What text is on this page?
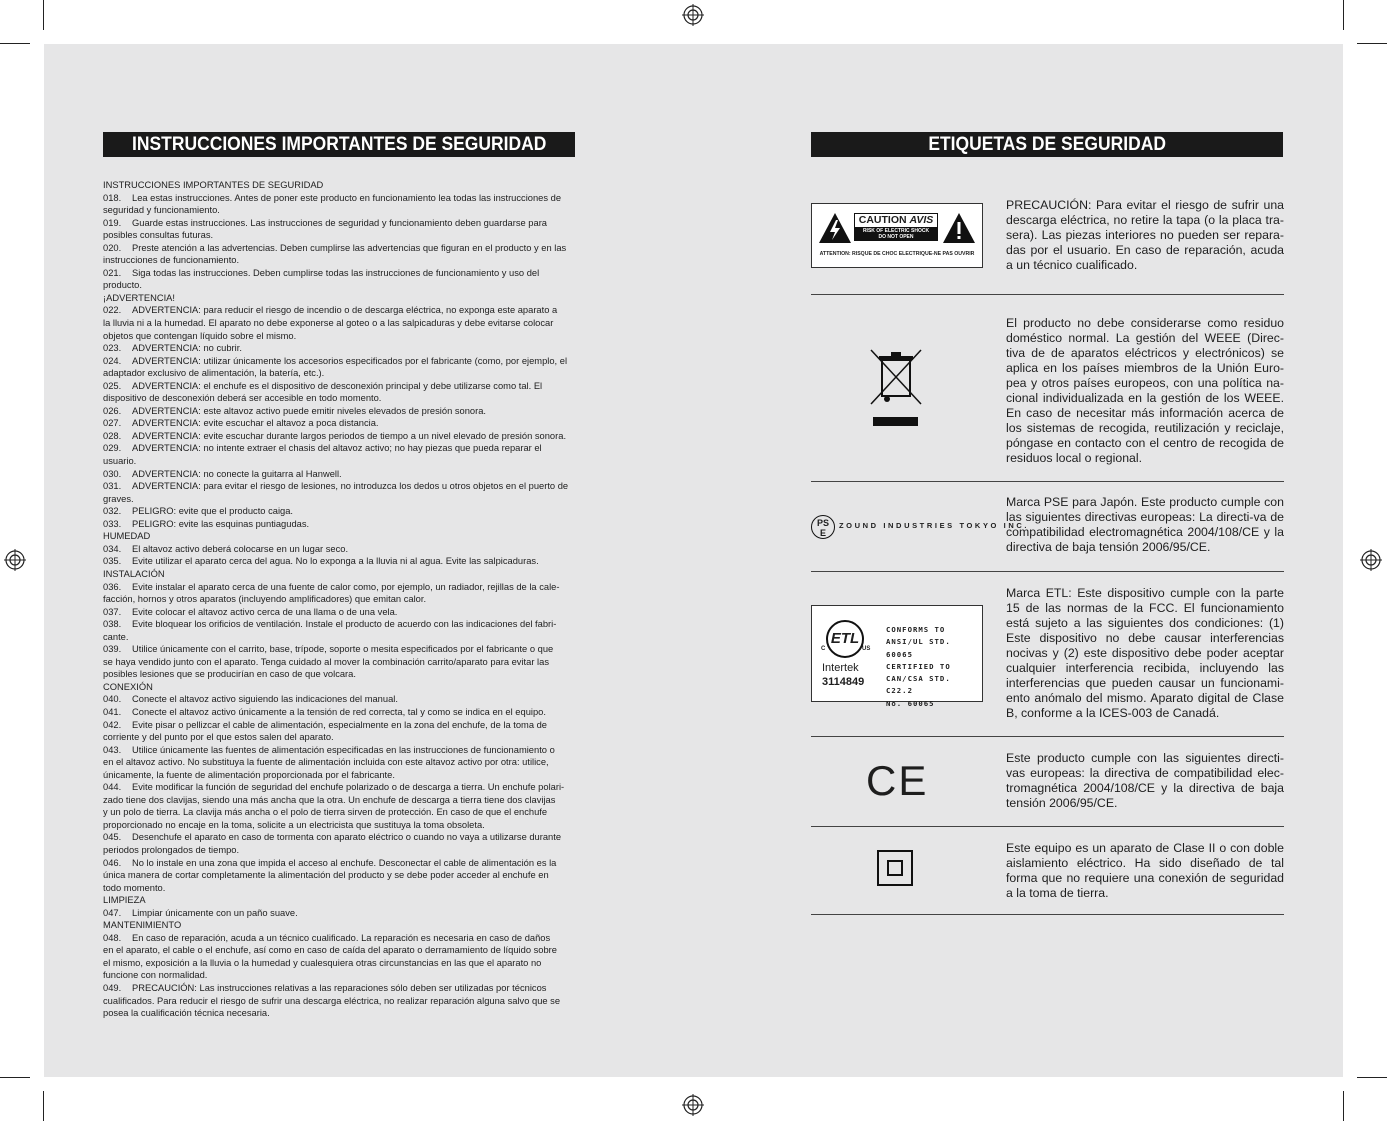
INSTRUCCIONES IMPORTANTES DE SEGURIDAD
INSTRUCCIONES IMPORTANTES DE SEGURIDAD
018. Lea estas instrucciones. Antes de poner este producto en funcionamiento lea todas las instrucciones de
seguridad y funcionamiento.
019. Guarde estas instrucciones. Las instrucciones de seguridad y funcionamiento deben guardarse para
posibles consultas futuras.
020. Preste atención a las advertencias. Deben cumplirse las advertencias que figuran en el producto y en las
instrucciones de funcionamiento.
021. Siga todas las instrucciones. Deben cumplirse todas las instrucciones de funcionamiento y uso del
producto.
¡ADVERTENCIA!
022. ADVERTENCIA: para reducir el riesgo de incendio o de descarga eléctrica, no exponga este aparato a
la lluvia ni a la humedad. El aparato no debe exponerse al goteo o a las salpicaduras y debe evitarse colocar
objetos que contengan líquido sobre el mismo.
023. ADVERTENCIA: no cubrir.
024. ADVERTENCIA: utilizar únicamente los accesorios especificados por el fabricante (como, por ejemplo, el
adaptador exclusivo de alimentación, la batería, etc.).
025. ADVERTENCIA: el enchufe es el dispositivo de desconexión principal y debe utilizarse como tal. El
dispositivo de desconexión deberá ser accesible en todo momento.
026. ADVERTENCIA: este altavoz activo puede emitir niveles elevados de presión sonora.
027. ADVERTENCIA: evite escuchar el altavoz a poca distancia.
028. ADVERTENCIA: evite escuchar durante largos periodos de tiempo a un nivel elevado de presión sonora.
029. ADVERTENCIA: no intente extraer el chasis del altavoz activo; no hay piezas que pueda reparar el
usuario.
030. ADVERTENCIA: no conecte la guitarra al Hanwell.
031. ADVERTENCIA: para evitar el riesgo de lesiones, no introduzca los dedos u otros objetos en el puerto de
graves.
032. PELIGRO: evite que el producto caiga.
033. PELIGRO: evite las esquinas puntiagudas.
HUMEDAD
034. El altavoz activo deberá colocarse en un lugar seco.
035. Evite utilizar el aparato cerca del agua. No lo exponga a la lluvia ni al agua. Evite las salpicaduras.
INSTALACIÓN
036. Evite instalar el aparato cerca de una fuente de calor como, por ejemplo, un radiador, rejillas de la cale-
facción, hornos y otros aparatos (incluyendo amplificadores) que emitan calor.
037. Evite colocar el altavoz activo cerca de una llama o de una vela.
038. Evite bloquear los orificios de ventilación. Instale el producto de acuerdo con las indicaciones del fabri-
cante.
039. Utilice únicamente con el carrito, base, trípode, soporte o mesita especificados por el fabricante o que
se haya vendido junto con el aparato. Tenga cuidado al mover la combinación carrito/aparato para evitar las
posibles lesiones que se producirían en caso de que volcara.
CONEXIÓN
040. Conecte el altavoz activo siguiendo las indicaciones del manual.
041. Conecte el altavoz activo únicamente a la tensión de red correcta, tal y como se indica en el equipo.
042. Evite pisar o pellizcar el cable de alimentación, especialmente en la zona del enchufe, de la toma de
corriente y del punto por el que estos salen del aparato.
043. Utilice únicamente las fuentes de alimentación especificadas en las instrucciones de funcionamiento o
en el altavoz activo. No substituya la fuente de alimentación incluida con este altavoz activo por otra: utilice,
únicamente, la fuente de alimentación proporcionada por el fabricante.
044. Evite modificar la función de seguridad del enchufe polarizado o de descarga a tierra. Un enchufe polari-
zado tiene dos clavijas, siendo una más ancha que la otra. Un enchufe de descarga a tierra tiene dos clavijas
y un polo de tierra. La clavija más ancha o el polo de tierra sirven de protección. En caso de que el enchufe
proporcionado no encaje en la toma, solicite a un electricista que sustituya la toma obsoleta.
045. Desenchufe el aparato en caso de tormenta con aparato eléctrico o cuando no vaya a utilizarse durante
periodos prolongados de tiempo.
046. No lo instale en una zona que impida el acceso al enchufe. Desconectar el cable de alimentación es la
única manera de cortar completamente la alimentación del producto y se debe poder acceder al enchufe en
todo momento.
LIMPIEZA
047. Limpiar únicamente con un paño suave.
MANTENIMIENTO
048. En caso de reparación, acuda a un técnico cualificado. La reparación es necesaria en caso de daños
en el aparato, el cable o el enchufe, así como en caso de caída del aparato o derramamiento de líquido sobre
el mismo, exposición a la lluvia o la humedad y cualesquiera otras circunstancias en las que el aparato no
funcione con normalidad.
049. PRECAUCIÓN: Las instrucciones relativas a las reparaciones sólo deben ser utilizadas por técnicos
cualificados. Para reducir el riesgo de sufrir una descarga eléctrica, no realizar reparación alguna salvo que se
posea la cualificación técnica necesaria.
ETIQUETAS DE SEGURIDAD
CAUTION AVIS
RISK OF ELECTRIC SHOCK
DO NOT OPEN
ATTENTION: RISQUE DE CHOC ELECTRIQUE-NE PAS OUVRIR
PRECAUCIÓN: Para evitar el riesgo de sufrir una descarga eléctrica, no retire la tapa (o la placa tra-sera). Las piezas interiores no pueden ser repara-das por el usuario. En caso de reparación, acuda a un técnico cualificado.
El producto no debe considerarse como residuo doméstico normal. La gestión del WEEE (Direc-tiva de de aparatos eléctricos y electrónicos) se aplica en los países miembros de la Unión Euro-pea y otros países europeos, con una política na-cional individualizada en la gestión de los WEEE. En caso de necesitar más información acerca de los sistemas de recogida, reutilización y reciclaje, póngase en contacto con el centro de recogida de residuos local o regional.
PS
E
ZOUND INDUSTRIES TOKYO INC.
Marca PSE para Japón. Este producto cumple con las siguientes directivas europeas: La directi-va de compatibilidad electromagnética 2004/108/CE y la directiva de baja tensión 2006/95/CE.
ETL
C	US
Intertek
3114849
CONFORMS TO
ANSI/UL STD. 60065
CERTIFIED TO
CAN/CSA STD. C22.2
No. 60065
Marca ETL: Este dispositivo cumple con la parte 15 de las normas de la FCC. El funcionamiento está sujeto a las siguientes dos condiciones: (1) Este dispositivo no debe causar interferencias nocivas y (2) este dispositivo debe poder aceptar cualquier interferencia recibida, incluyendo las interferencias que pueden causar un funcionami-ento anómalo del mismo. Aparato digital de Clase B, conforme a la ICES-003 de Canadá.
CE	Este producto cumple con las siguientes directi-vas europeas: la directiva de compatibilidad elec-tromagnética 2004/108/CE y la directiva de baja tensión 2006/95/CE.
Este equipo es un aparato de Clase II o con doble aislamiento eléctrico. Ha sido diseñado de tal forma que no requiere una conexión de seguridad a la toma de tierra.
